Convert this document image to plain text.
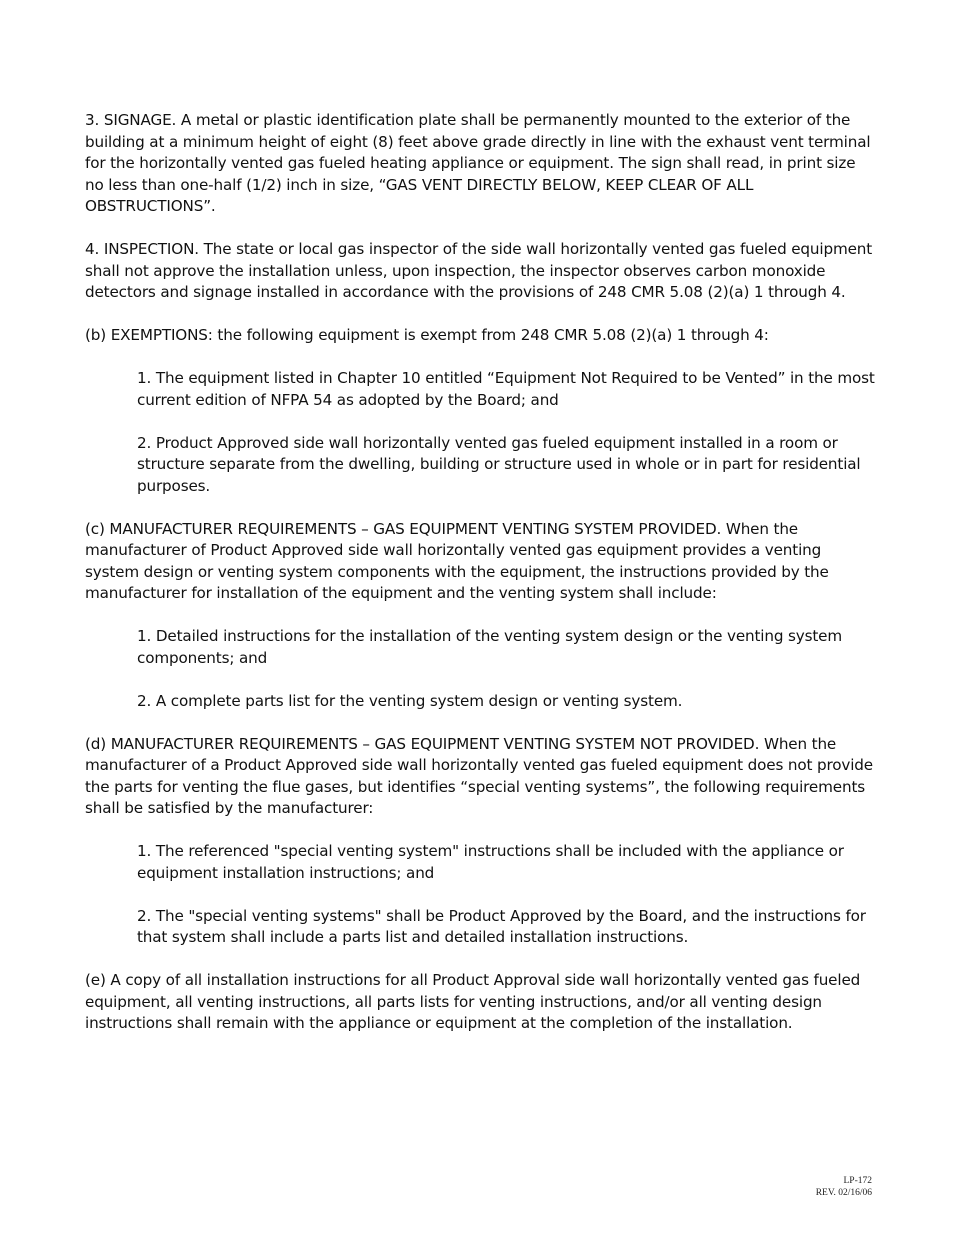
3. SIGNAGE. A metal or plastic identification plate shall be permanently mounted to the exterior of the building at a minimum height of eight (8) feet above grade directly in line with the exhaust vent terminal for the horizontally vented gas fueled heating appliance or equipment. The sign shall read, in print size no less than one-half (1/2) inch in size, “GAS VENT DIRECTLY BELOW, KEEP CLEAR OF ALL OBSTRUCTIONS”.

4. INSPECTION. The state or local gas inspector of the side wall horizontally vented gas fueled equipment shall not approve the installation unless, upon inspection, the inspector observes carbon monoxide detectors and signage installed in accordance with the provisions of 248 CMR 5.08 (2)(a) 1 through 4.

(b) EXEMPTIONS: the following equipment is exempt from 248 CMR 5.08 (2)(a) 1 through 4:

1. The equipment listed in Chapter 10 entitled “Equipment Not Required to be Vented” in the most current edition of NFPA 54 as adopted by the Board; and

2. Product Approved side wall horizontally vented gas fueled equipment installed in a room or structure separate from the dwelling, building or structure used in whole or in part for residential purposes.

(c) MANUFACTURER REQUIREMENTS – GAS EQUIPMENT VENTING SYSTEM PROVIDED. When the manufacturer of Product Approved side wall horizontally vented gas equipment provides a venting system design or venting system components with the equipment, the instructions provided by the manufacturer for installation of the equipment and the venting system shall include:

1. Detailed instructions for the installation of the venting system design or the venting system components; and

2. A complete parts list for the venting system design or venting system.

(d) MANUFACTURER REQUIREMENTS – GAS EQUIPMENT VENTING SYSTEM NOT PROVIDED. When the manufacturer of a Product Approved side wall horizontally vented gas fueled equipment does not provide the parts for venting the flue gases, but identifies “special venting systems”, the following requirements shall be satisfied by the manufacturer:

1. The referenced "special venting system" instructions shall be included with the appliance or equipment installation instructions; and

2. The "special venting systems" shall be Product Approved by the Board, and the instructions for that system shall include a parts list and detailed installation instructions.

(e) A copy of all installation instructions for all Product Approval side wall horizontally vented gas fueled equipment, all venting instructions, all parts lists for venting instructions, and/or all venting design instructions shall remain with the appliance or equipment at the completion of the installation.

LP-172
REV. 02/16/06
